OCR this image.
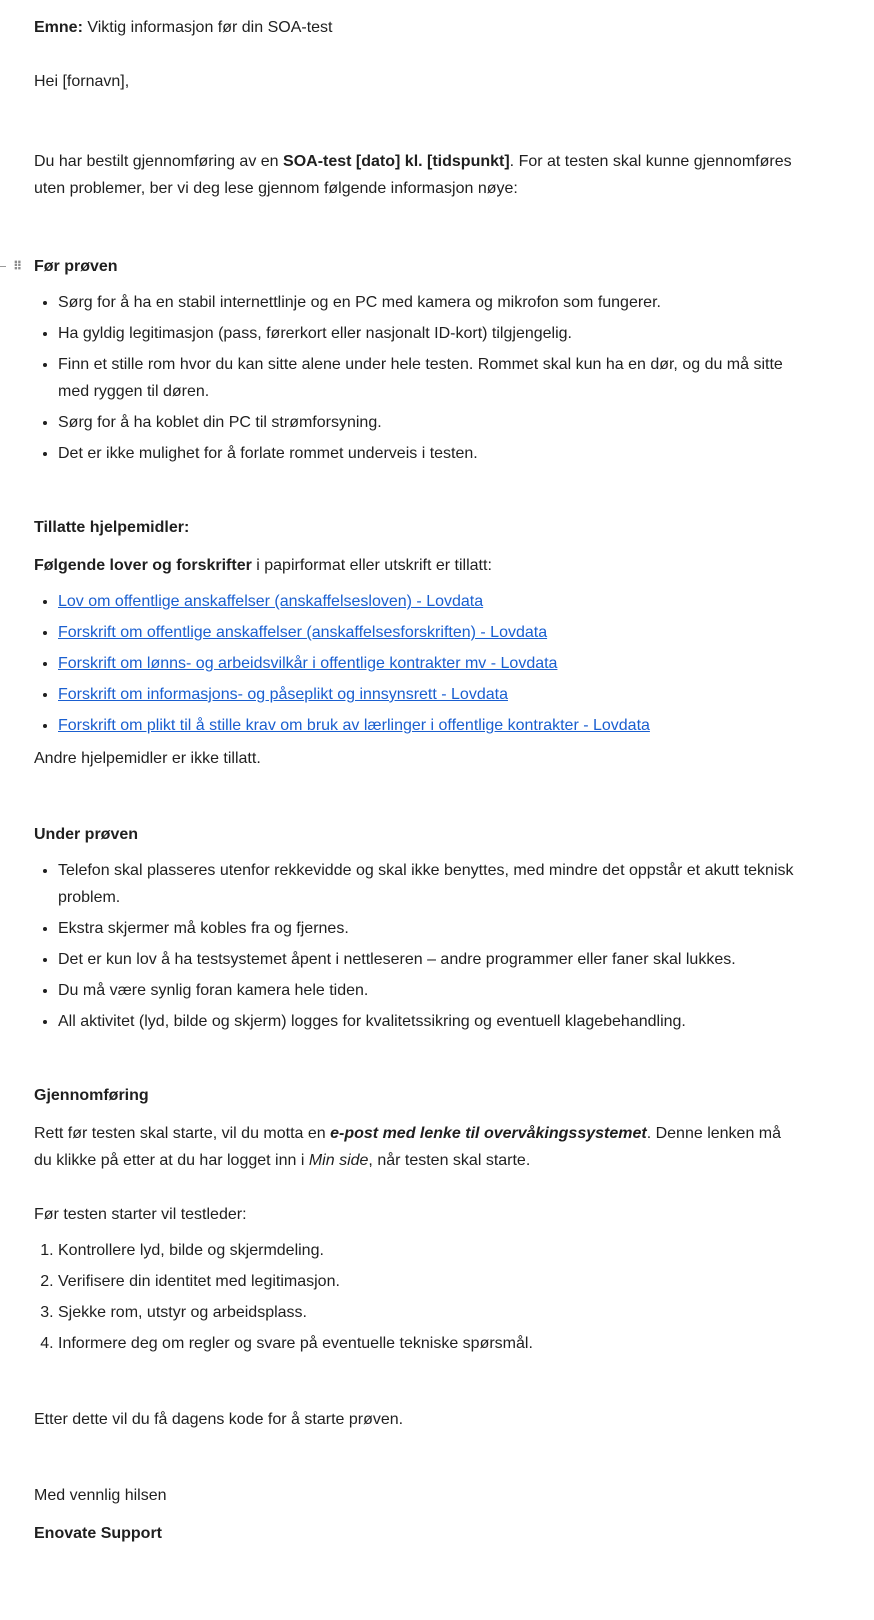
Emne: Viktig informasjon før din SOA-test

Hei [fornavn],

Du har bestilt gjennomføring av en SOA-test [dato] kl. [tidspunkt]. For at testen skal kunne gjennomføres uten problemer, ber vi deg lese gjennom følgende informasjon nøye:

⠿ Før prøven

• Sørg for å ha en stabil internettlinje og en PC med kamera og mikrofon som fungerer.
• Ha gyldig legitimasjon (pass, førerkort eller nasjonalt ID-kort) tilgjengelig.
• Finn et stille rom hvor du kan sitte alene under hele testen. Rommet skal kun ha en dør, og du må sitte med ryggen til døren.
• Sørg for å ha koblet din PC til strømforsyning.
• Det er ikke mulighet for å forlate rommet underveis i testen.

Tillatte hjelpemidler:

Følgende lover og forskrifter i papirformat eller utskrift er tillatt:

• Lov om offentlige anskaffelser (anskaffelsesloven) - Lovdata
• Forskrift om offentlige anskaffelser (anskaffelsesforskriften) - Lovdata
• Forskrift om lønns- og arbeidsvilkår i offentlige kontrakter mv - Lovdata
• Forskrift om informasjons- og påseplikt og innsynsrett - Lovdata
• Forskrift om plikt til å stille krav om bruk av lærlinger i offentlige kontrakter - Lovdata

Andre hjelpemidler er ikke tillatt.

Under prøven

• Telefon skal plasseres utenfor rekkevidde og skal ikke benyttes, med mindre det oppstår et akutt teknisk problem.
• Ekstra skjermer må kobles fra og fjernes.
• Det er kun lov å ha testsystemet åpent i nettleseren – andre programmer eller faner skal lukkes.
• Du må være synlig foran kamera hele tiden.
• All aktivitet (lyd, bilde og skjerm) logges for kvalitetssikring og eventuell klagebehandling.

Gjennomføring

Rett før testen skal starte, vil du motta en e-post med lenke til overvåkingssystemet. Denne lenken må du klikke på etter at du har logget inn i Min side, når testen skal starte.

Før testen starter vil testleder:

1. Kontrollere lyd, bilde og skjermdeling.
2. Verifisere din identitet med legitimasjon.
3. Sjekke rom, utstyr og arbeidsplass.
4. Informere deg om regler og svare på eventuelle tekniske spørsmål.

Etter dette vil du få dagens kode for å starte prøven.

Med vennlig hilsen

Enovate Support
